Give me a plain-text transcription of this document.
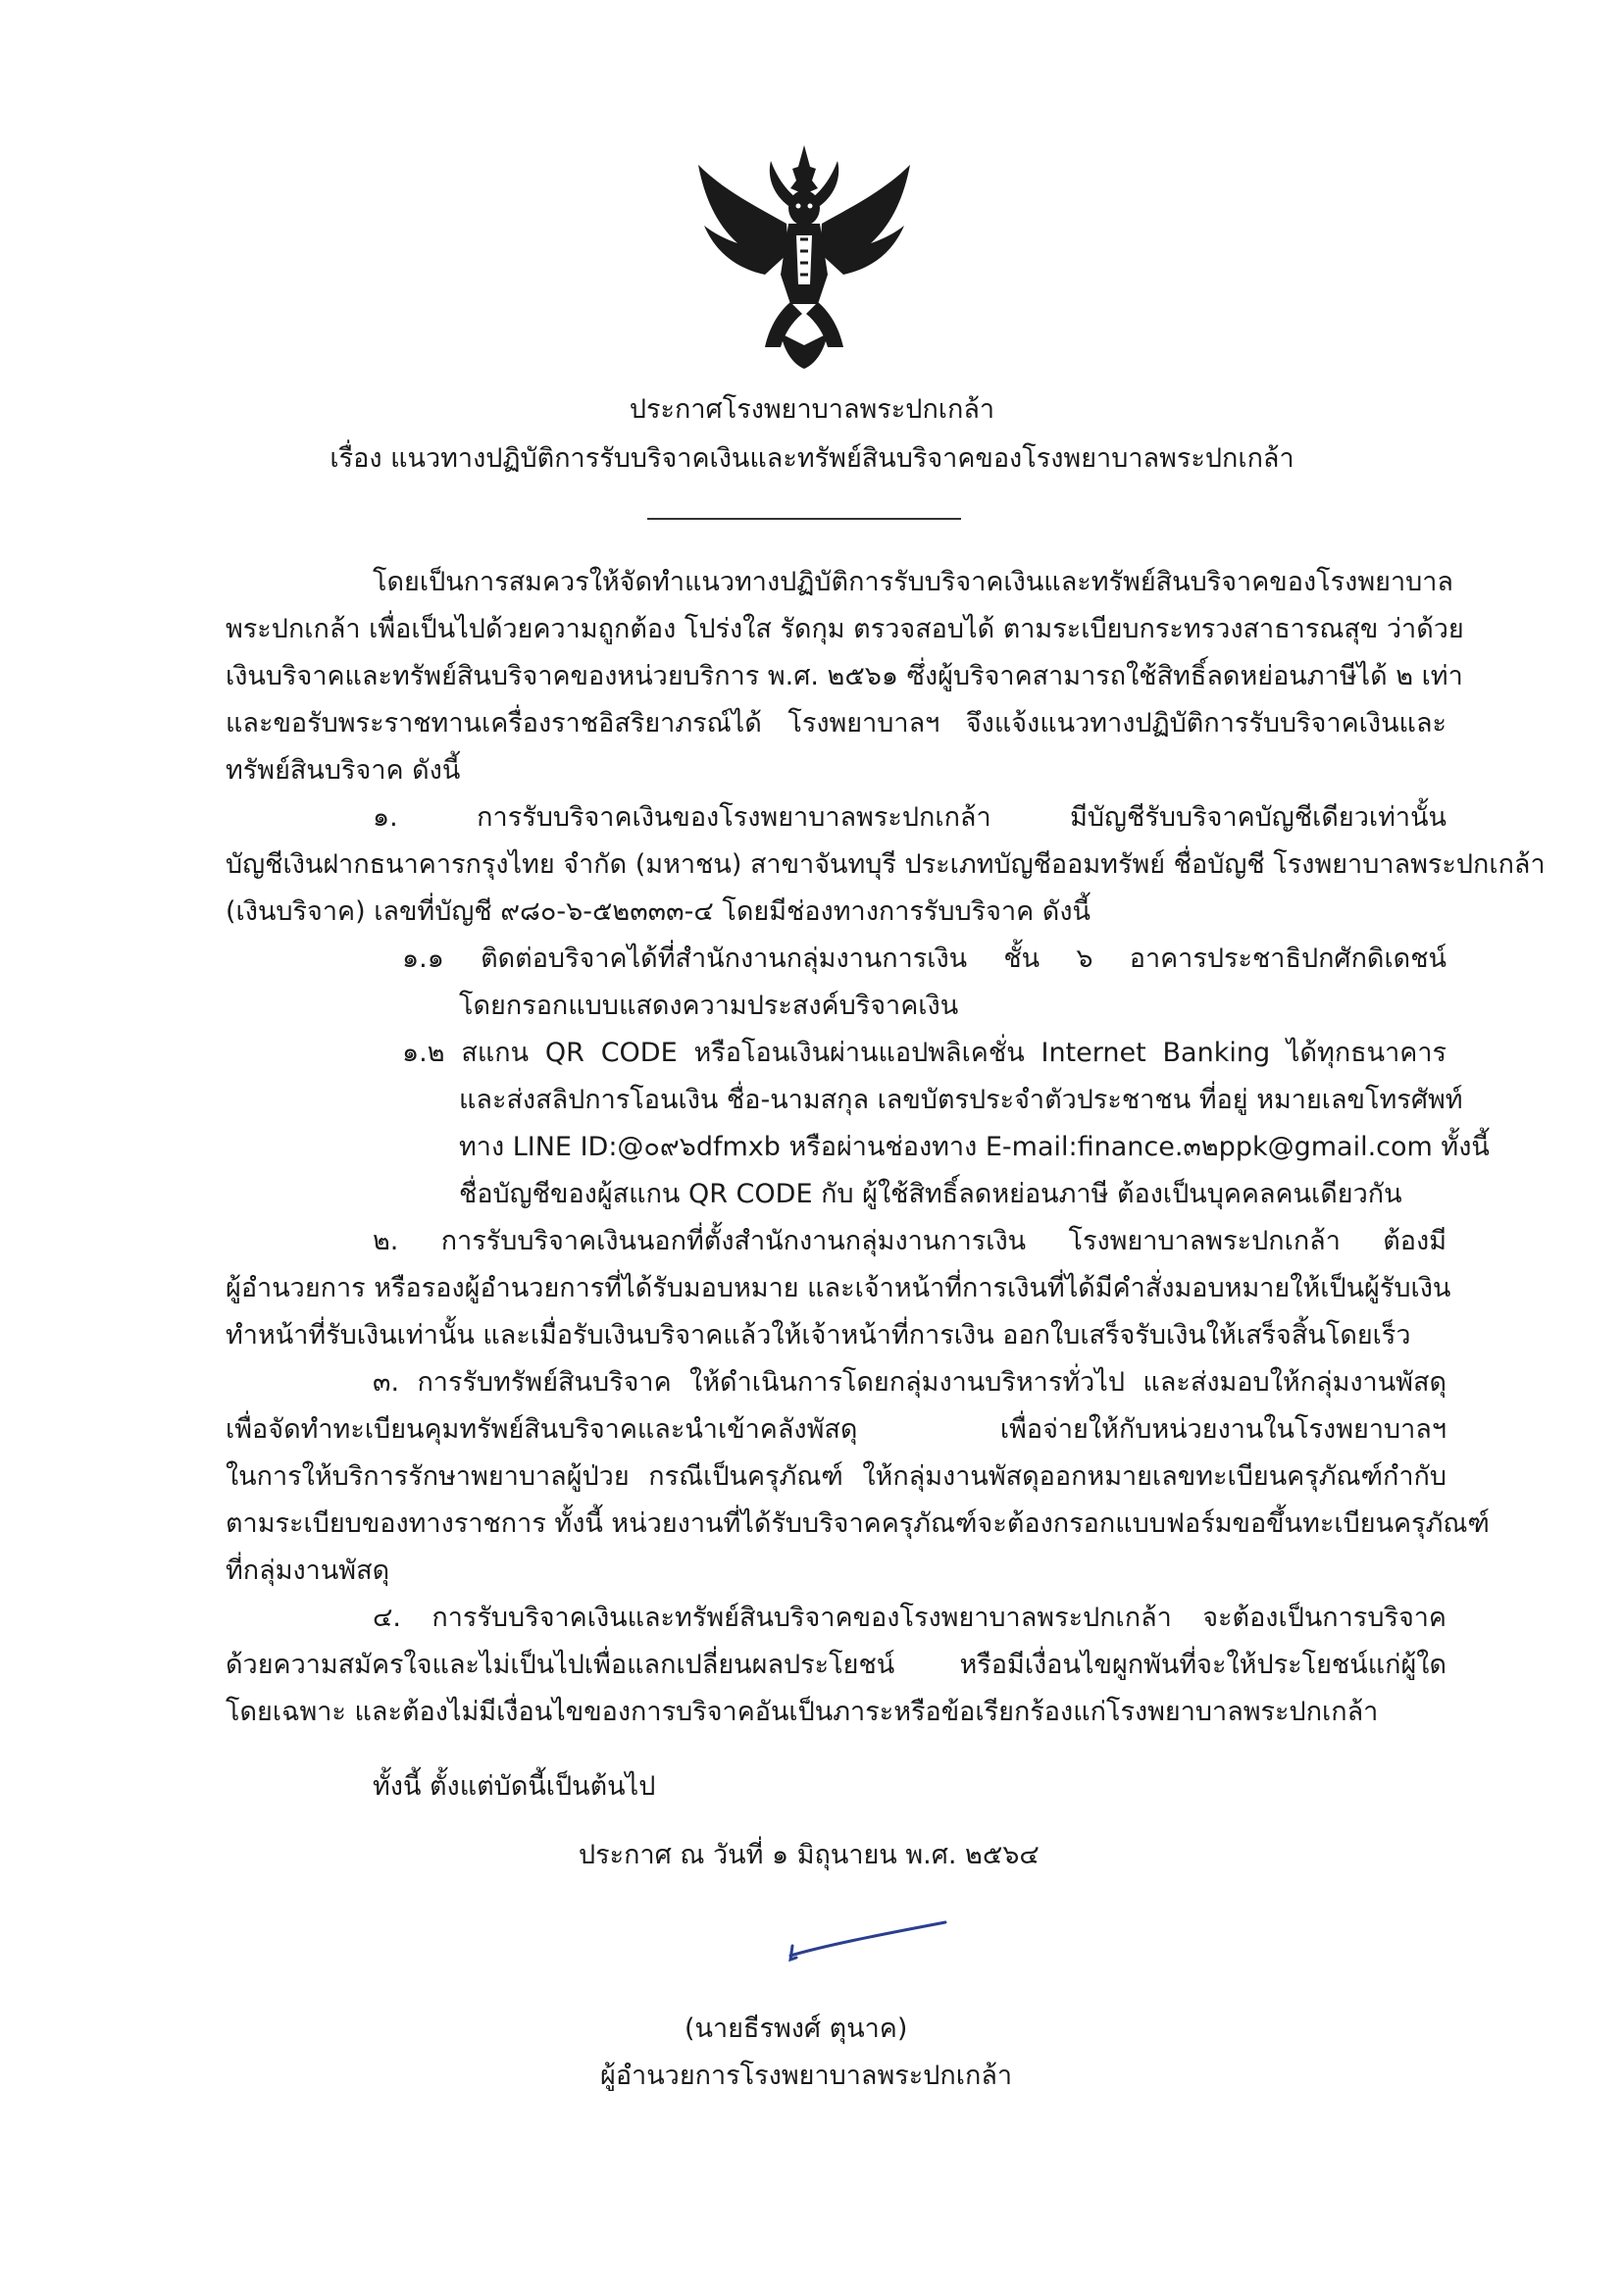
ประกาศโรงพยาบาลพระปกเกล้า
เรื่อง แนวทางปฏิบัติการรับบริจาคเงินและทรัพย์สินบริจาคของโรงพยาบาลพระปกเกล้า
โดยเป็นการสมควรให้จัดทำแนวทางปฏิบัติการรับบริจาคเงินและทรัพย์สินบริจาคของโรงพยาบาล
พระปกเกล้า เพื่อเป็นไปด้วยความถูกต้อง โปร่งใส รัดกุม ตรวจสอบได้ ตามระเบียบกระทรวงสาธารณสุข ว่าด้วย
เงินบริจาคและทรัพย์สินบริจาคของหน่วยบริการ พ.ศ. ๒๕๖๑ ซึ่งผู้บริจาคสามารถใช้สิทธิ์ลดหย่อนภาษีได้ ๒ เท่า
และขอรับพระราชทานเครื่องราชอิสริยาภรณ์ได้ โรงพยาบาลฯ จึงแจ้งแนวทางปฏิบัติการรับบริจาคเงินและ
ทรัพย์สินบริจาค ดังนี้
๑. การรับบริจาคเงินของโรงพยาบาลพระปกเกล้า มีบัญชีรับบริจาคบัญชีเดียวเท่านั้น
บัญชีเงินฝากธนาคารกรุงไทย จำกัด (มหาชน) สาขาจันทบุรี ประเภทบัญชีออมทรัพย์ ชื่อบัญชี โรงพยาบาลพระปกเกล้า
(เงินบริจาค) เลขที่บัญชี ๙๘๐-๖-๕๒๓๓๓-๔ โดยมีช่องทางการรับบริจาค ดังนี้
๑.๑ ติดต่อบริจาคได้ที่สำนักงานกลุ่มงานการเงิน ชั้น ๖ อาคารประชาธิปกศักดิเดชน์
โดยกรอกแบบแสดงความประสงค์บริจาคเงิน
๑.๒ สแกน QR CODE หรือโอนเงินผ่านแอปพลิเคชั่น Internet Banking ได้ทุกธนาคาร
และส่งสลิปการโอนเงิน ชื่อ-นามสกุล เลขบัตรประจำตัวประชาชน ที่อยู่ หมายเลขโทรศัพท์
ทาง LINE ID:@๐๙๖dfmxb หรือผ่านช่องทาง E-mail:finance.๓๒ppk@gmail.com ทั้งนี้
ชื่อบัญชีของผู้สแกน QR CODE กับ ผู้ใช้สิทธิ์ลดหย่อนภาษี ต้องเป็นบุคคลคนเดียวกัน
๒. การรับบริจาคเงินนอกที่ตั้งสำนักงานกลุ่มงานการเงิน โรงพยาบาลพระปกเกล้า ต้องมี
ผู้อำนวยการ หรือรองผู้อำนวยการที่ได้รับมอบหมาย และเจ้าหน้าที่การเงินที่ได้มีคำสั่งมอบหมายให้เป็นผู้รับเงิน
ทำหน้าที่รับเงินเท่านั้น และเมื่อรับเงินบริจาคแล้วให้เจ้าหน้าที่การเงิน ออกใบเสร็จรับเงินให้เสร็จสิ้นโดยเร็ว
๓. การรับทรัพย์สินบริจาค ให้ดำเนินการโดยกลุ่มงานบริหารทั่วไป และส่งมอบให้กลุ่มงานพัสดุ
เพื่อจัดทำทะเบียนคุมทรัพย์สินบริจาคและนำเข้าคลังพัสดุ เพื่อจ่ายให้กับหน่วยงานในโรงพยาบาลฯ
ในการให้บริการรักษาพยาบาลผู้ป่วย กรณีเป็นครุภัณฑ์ ให้กลุ่มงานพัสดุออกหมายเลขทะเบียนครุภัณฑ์กำกับ
ตามระเบียบของทางราชการ ทั้งนี้ หน่วยงานที่ได้รับบริจาคครุภัณฑ์จะต้องกรอกแบบฟอร์มขอขึ้นทะเบียนครุภัณฑ์
ที่กลุ่มงานพัสดุ
๔. การรับบริจาคเงินและทรัพย์สินบริจาคของโรงพยาบาลพระปกเกล้า จะต้องเป็นการบริจาค
ด้วยความสมัครใจและไม่เป็นไปเพื่อแลกเปลี่ยนผลประโยชน์ หรือมีเงื่อนไขผูกพันที่จะให้ประโยชน์แก่ผู้ใด
โดยเฉพาะ และต้องไม่มีเงื่อนไขของการบริจาคอันเป็นภาระหรือข้อเรียกร้องแก่โรงพยาบาลพระปกเกล้า
ทั้งนี้ ตั้งแต่บัดนี้เป็นต้นไป
ประกาศ ณ วันที่ ๑ มิถุนายน พ.ศ. ๒๕๖๔
(นายธีรพงศ์ ตุนาค)
ผู้อำนวยการโรงพยาบาลพระปกเกล้า
